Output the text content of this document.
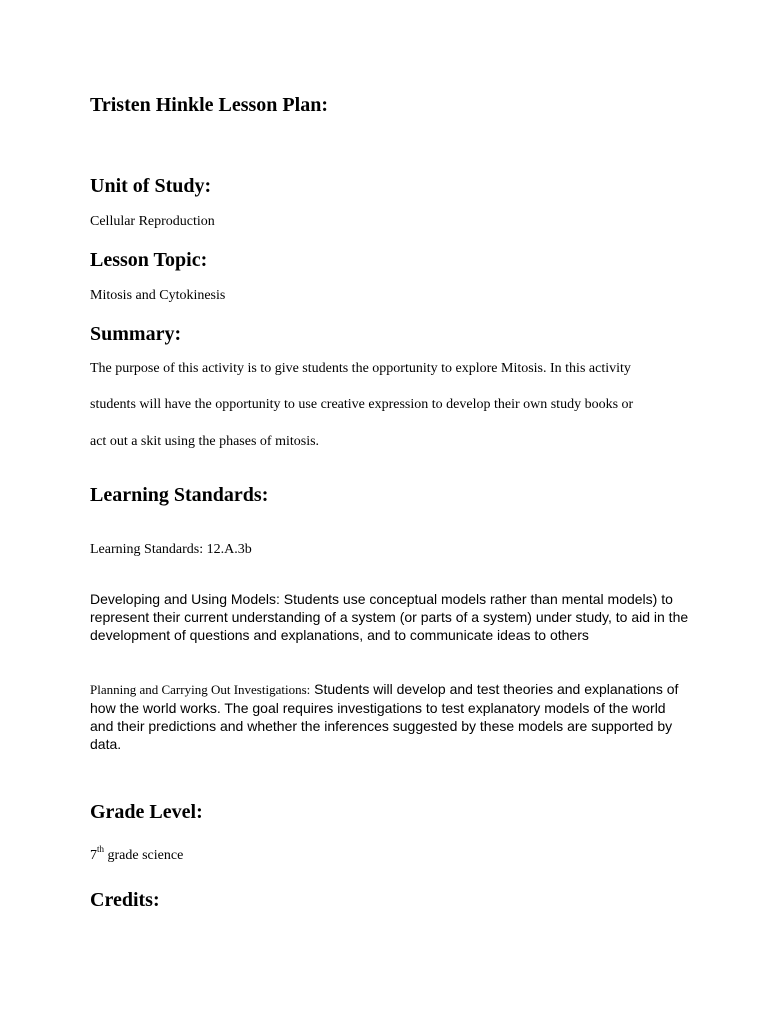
Tristen Hinkle Lesson Plan:
Unit of Study:
Cellular Reproduction
Lesson Topic:
Mitosis and Cytokinesis
Summary:
The purpose of this activity is to give students the opportunity to explore Mitosis. In this activity
students will have the opportunity to use creative expression to develop their own study books or
act out a skit using the phases of mitosis.
Learning Standards:
Learning Standards: 12.A.3b
Developing and Using Models: Students use conceptual models rather than mental models) to represent their current understanding of a system (or parts of a system) under study, to aid in the development of questions and explanations, and to communicate ideas to others
Planning and Carrying Out Investigations: Students will develop and test theories and explanations of how the world works. The goal requires investigations to test explanatory models of the world and their predictions and whether the inferences suggested by these models are supported by data.
Grade Level:
7th grade science
Credits:
